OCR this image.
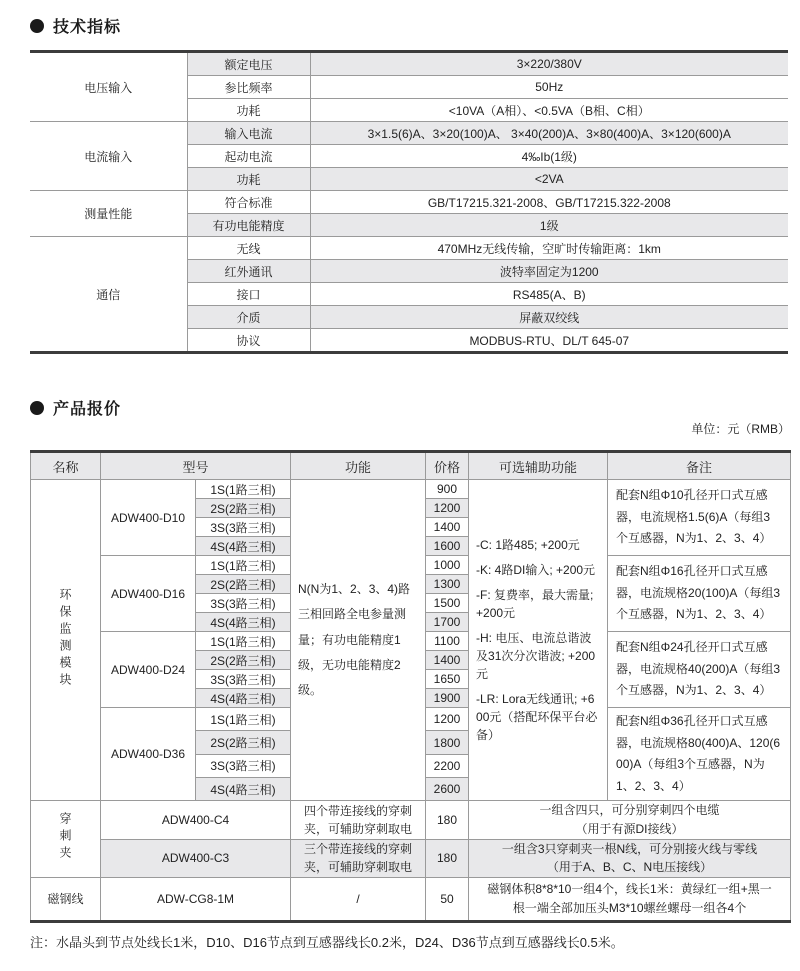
技术指标
电压输入	额定电压	3×220/380V
	参比频率	50Hz
	功耗	<10VA（A相）、<0.5VA（B相、C相）
电流输入	输入电流	3×1.5(6)A、3×20(100)A、 3×40(200)A、3×80(400)A、3×120(600)A
	起动电流	4‰Ib(1级)
	功耗	<2VA
测量性能	符合标准	GB/T17215.321-2008、GB/T17215.322-2008
	有功电能精度	1级
通信	无线	470MHz无线传输，空旷时传输距离：1km
	红外通讯	波特率固定为1200
	接口	RS485(A、B)
	介质	屏蔽双绞线
	协议	MODBUS-RTU、DL/T 645-07
产品报价
单位：元（RMB）
名称	型号		功能	价格	可选辅助功能	备注
环保监测模块	ADW400-D10	1S(1路三相)	N(N为1、2、3、4)路三相回路全电参量测量；有功电能精度1级，无功电能精度2级。	900	-C: 1路485; +200元
-K: 4路DI输入; +200元
-F: 复费率，最大需量; +200元
-H: 电压、电流总谐波及31次分次谐波; +200元
-LR: Lora无线通讯; +600元（搭配环保平台必备）	配套N组Φ10孔径开口式互感器，电流规格1.5(6)A（每组3个互感器，N为1、2、3、4）
		2S(2路三相)		1200		
		3S(3路三相)		1400		
		4S(4路三相)		1600		
	ADW400-D16	1S(1路三相)		1000		配套N组Φ16孔径开口式互感器，电流规格20(100)A（每组3个互感器，N为1、2、3、4）
		2S(2路三相)		1300		
		3S(3路三相)		1500		
		4S(4路三相)		1700		
	ADW400-D24	1S(1路三相)		1100		配套N组Φ24孔径开口式互感器，电流规格40(200)A（每组3个互感器，N为1、2、3、4）
		2S(2路三相)		1400		
		3S(3路三相)		1650		
		4S(4路三相)		1900		
	ADW400-D36	1S(1路三相)		1200		配套N组Φ36孔径开口式互感器，电流规格80(400)A、120(600)A（每组3个互感器，N为1、2、3、4）
		2S(2路三相)		1800		
		3S(3路三相)		2200		
		4S(4路三相)		2600		
穿刺夹	ADW400-C4		四个带连接线的穿刺夹，可辅助穿刺取电	180	一组含四只，可分别穿刺四个电缆
（用于有源DI接线）	

	ADW400-C3		三个带连接线的穿刺夹，可辅助穿刺取电	180	一组含3只穿刺夹一根N线，可分别接火线与零线
（用于A、B、C、N电压接线）	

磁钢线	ADW-CG8-1M		/	50	磁钢体积8*8*10一组4个，线长1米：黄绿红一组+黑一
根一端全部加压头M3*10螺丝螺母一组各4个	
注：水晶头到节点处线长1米，D10、D16节点到互感器线长0.2米，D24、D36节点到互感器线长0.5米。
